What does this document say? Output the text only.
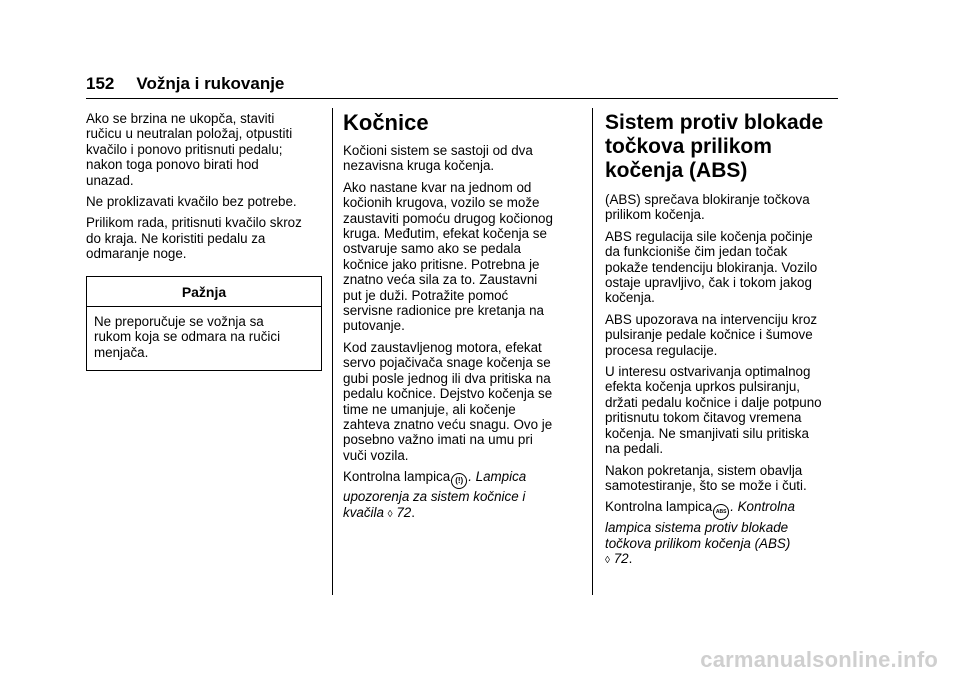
152 Vožnja i rukovanje

Ako se brzina ne ukopča, staviti
ručicu u neutralan položaj, otpustiti
kvačilo i ponovo pritisnuti pedalu;
nakon toga ponovo birati hod
unazad.

Ne proklizavati kvačilo bez potrebe.

Prilikom rada, pritisnuti kvačilo skroz
do kraja. Ne koristiti pedalu za
odmaranje noge.

Pažnja
Ne preporučuje se vožnja sa
rukom koja se odmara na ručici
menjača.
Kočnice

Kočioni sistem se sastoji od dva
nezavisna kruga kočenja.

Ako nastane kvar na jednom od
kočionih krugova, vozilo se može
zaustaviti pomoću drugog kočionog
kruga. Međutim, efekat kočenja se
ostvaruje samo ako se pedala
kočnice jako pritisne. Potrebna je
znatno veća sila za to. Zaustavni
put je duži. Potražite pomoć
servisne radionice pre kretanja na
putovanje.

Kod zaustavljenog motora, efekat
servo pojačivača snage kočenja se
gubi posle jednog ili dva pritiska na
pedalu kočnice. Dejstvo kočenja se
time ne umanjuje, ali kočenje
zahteva znatno veću snagu. Ovo je
posebno važno imati na umu pri
vuči vozila.

Kontrolna lampica (!) . Lampica
upozorenja za sistem kočnice i
kvačila ◊ 72.

Sistem protiv blokade
točkova prilikom
kočenja (ABS)

(ABS) sprečava blokiranje točkova
prilikom kočenja.

ABS regulacija sile kočenja počinje
da funkcioniše čim jedan točak
pokaže tendenciju blokiranja. Vozilo
ostaje upravljivo, čak i tokom jakog
kočenja.

ABS upozorava na intervenciju kroz
pulsiranje pedale kočnice i šumove
procesa regulacije.

U interesu ostvarivanja optimalnog
efekta kočenja uprkos pulsiranju,
držati pedalu kočnice i dalje potpuno
pritisnutu tokom čitavog vremena
kočenja. Ne smanjivati silu pritiska
na pedali.

Nakon pokretanja, sistem obavlja
samotestiranje, što se može i čuti.

Kontrolna lampica ABS . Kontrolna
lampica sistema protiv blokade
točkova prilikom kočenja (ABS)
◊ 72.

carmanualsonline.info
